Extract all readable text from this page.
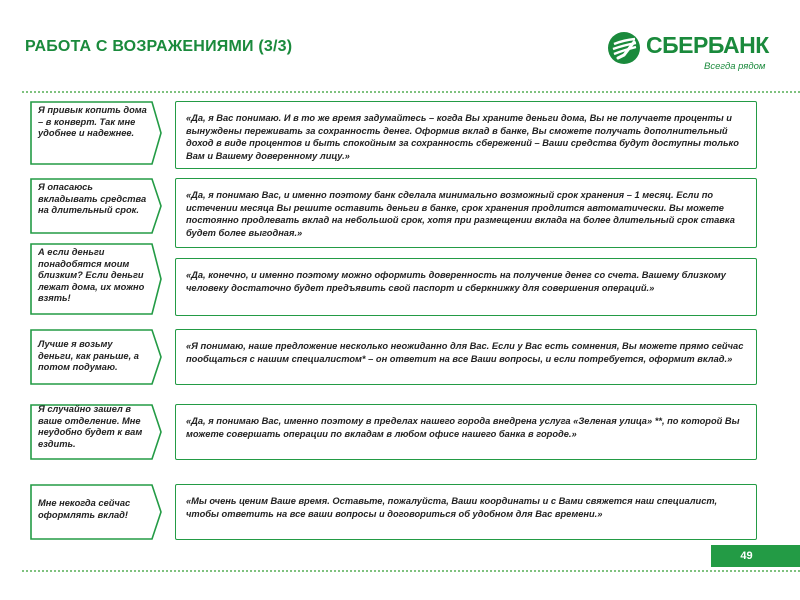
РАБОТА С ВОЗРАЖЕНИЯМИ (3/3)	СБЕРБАНК
Всегда рядом
Я привык копить дома – в конверт. Так мне удобнее и надежнее.
«Да, я Вас понимаю. И в то же время задумайтесь – когда Вы храните деньги дома, Вы не получаете проценты и вынуждены переживать за сохранность денег. Оформив вклад в банке, Вы сможете получать дополнительный доход в виде процентов и быть спокойным за сохранность сбережений – Ваши средства будут доступны только Вам и Вашему доверенному лицу.»
Я опасаюсь вкладывать средства на длительный срок.
«Да, я понимаю Вас, и именно поэтому банк сделала минимально возможный срок хранения – 1 месяц. Если по истечении месяца Вы решите оставить деньги в банке, срок хранения продлится автоматически. Вы можете постоянно продлевать вклад на небольшой срок, хотя при размещении вклада на более длительный срок ставка будет более выгодная.»
А если деньги понадобятся моим близким? Если деньги лежат дома, их можно взять!
«Да, конечно, и именно поэтому можно оформить доверенность на получение денег со счета. Вашему близкому человеку достаточно будет предъявить свой паспорт и сберкнижку для совершения операций.»
Лучше я возьму деньги, как раньше, а потом подумаю.
«Я понимаю, наше предложение несколько неожиданно для Вас. Если у Вас есть сомнения, Вы можете прямо сейчас пообщаться с нашим специалистом* – он ответит на все Ваши вопросы, и если потребуется, оформит вклад.»
Я случайно зашел в ваше отделение. Мне неудобно будет к вам ездить.
«Да, я понимаю Вас, именно поэтому в пределах нашего города внедрена услуга «Зеленая улица» **, по которой Вы можете совершать операции по вкладам в любом офисе нашего банка в городе.»
Мне некогда сейчас оформлять вклад!
«Мы очень ценим Ваше время. Оставьте, пожалуйста, Ваши координаты и с Вами свяжется наш специалист, чтобы ответить на все ваши вопросы и договориться об удобном для Вас времени.»
49
